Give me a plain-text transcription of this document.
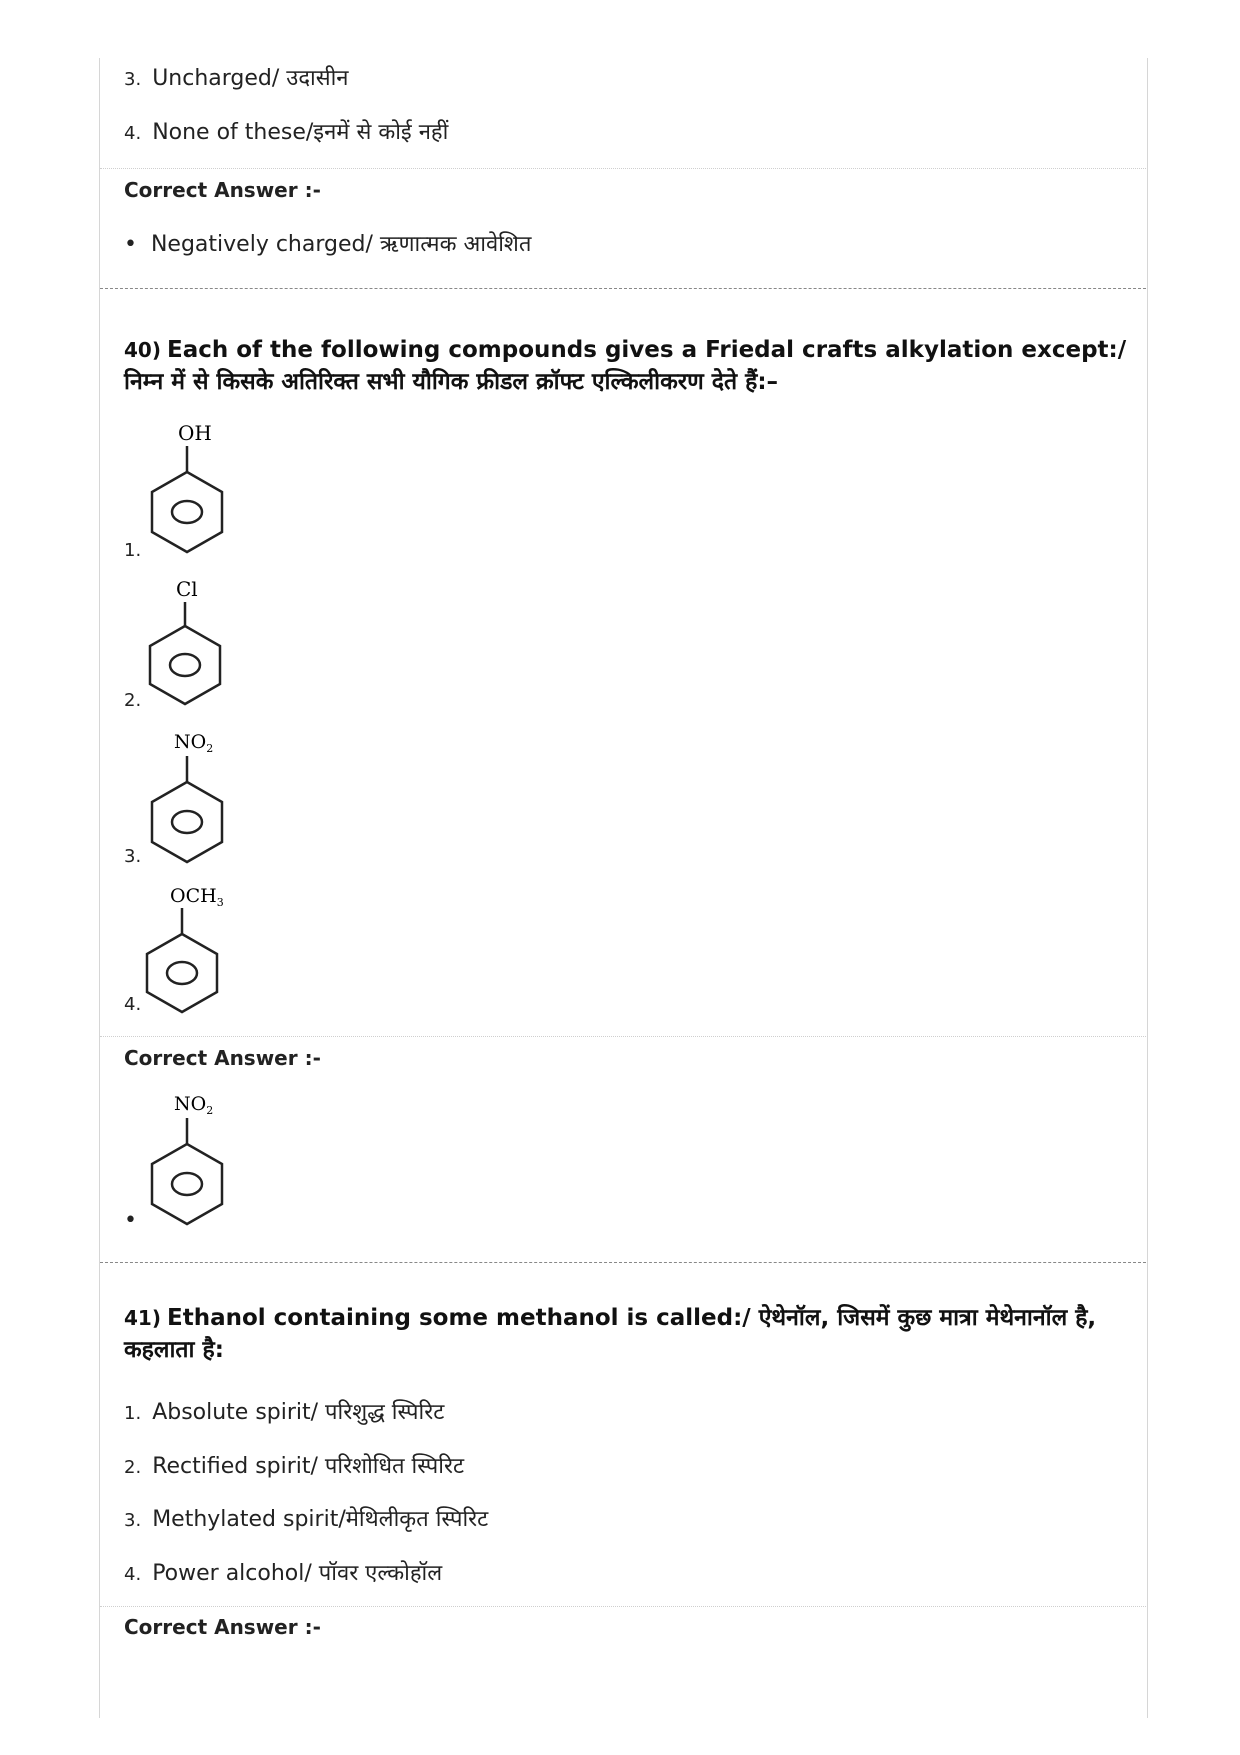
3. Uncharged/ उदासीन
4. None of these/इनमें से कोई नहीं
Correct Answer :-
•  Negatively charged/ ऋणात्मक आवेशित
40) Each of the following compounds gives a Friedal crafts alkylation except:/ निम्न में से किसके अतिरिक्त सभी यौगिक फ्रीडल क्रॉफ्ट एल्किलीकरण देते हैं:–
1.
OH
2.
Cl
3.
$NO_2$
4.
$OCH_3$
Correct Answer :-
•
$NO_2$
41) Ethanol containing some methanol is called:/ ऐथेनॉल, जिसमें कुछ मात्रा मेथेनानॉल है, कहलाता है:
1. Absolute spirit/ परिशुद्ध स्पिरिट
2. Rectified spirit/ परिशोधित स्पिरिट
3. Methylated spirit/मेथिलीकृत स्पिरिट
4. Power alcohol/ पॉवर एल्कोहॉल
Correct Answer :-
